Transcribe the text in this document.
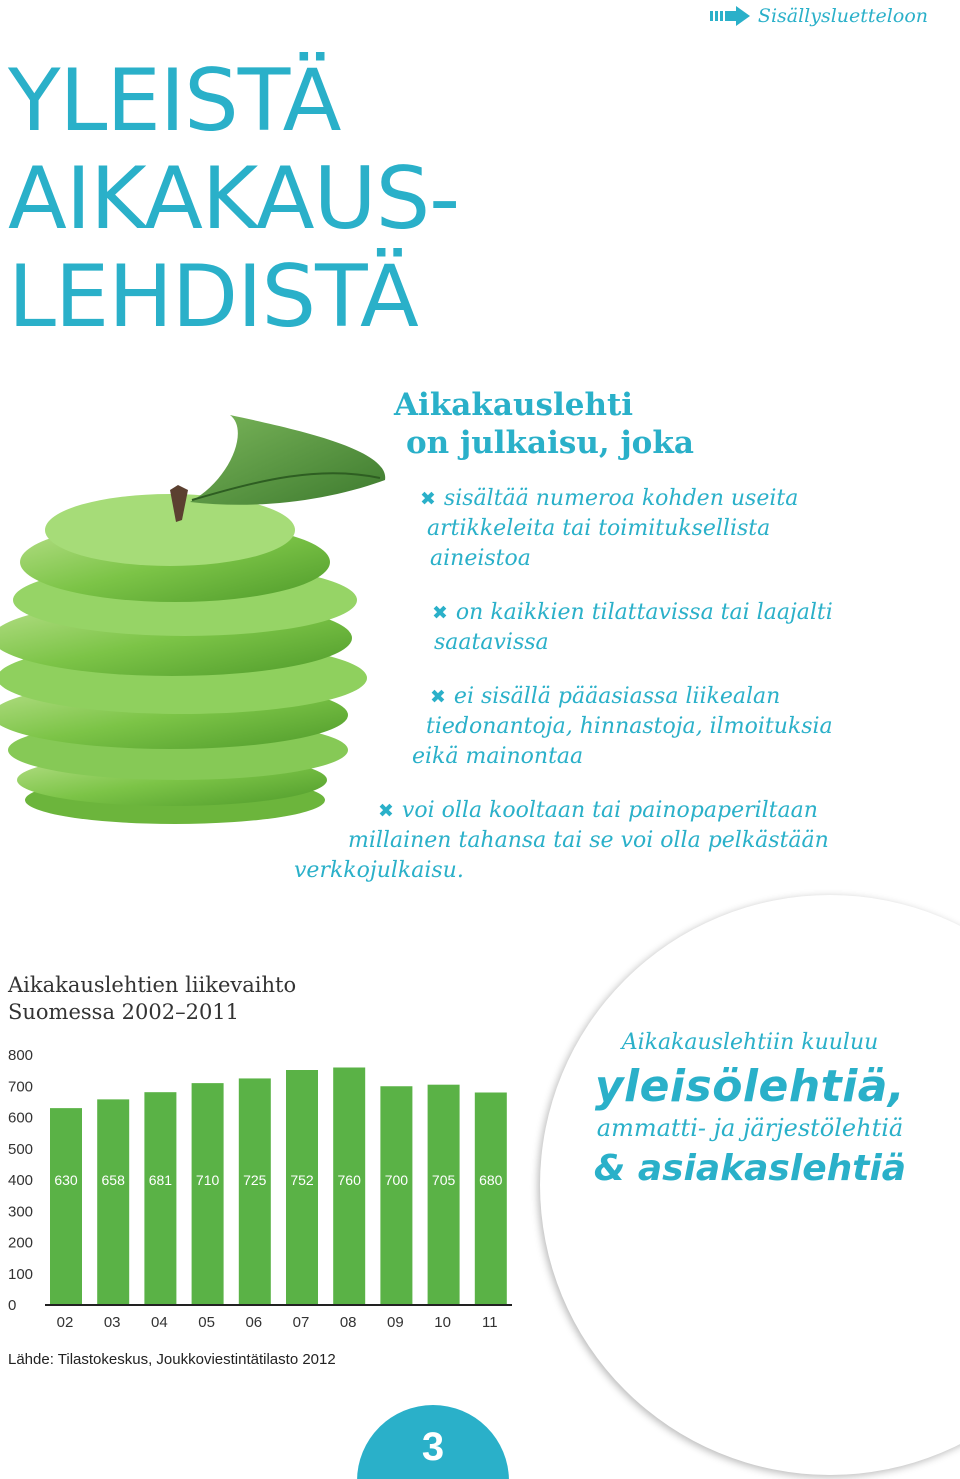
Sisällysluetteloon
YLEISTÄ
AIKAKAUS-
LEHDISTÄ
Aikakauslehti
on julkaisu, joka
✖ sisältää numeroa kohden useita
artikkeleita tai toimituksellista
aineistoa
✖ on kaikkien tilattavissa tai laajalti
saatavissa
✖ ei sisällä pääasiassa liikealan
tiedonantoja, hinnastoja, ilmoituksia
eikä mainontaa
✖ voi olla kooltaan tai painopaperiltaan
millainen tahansa tai se voi olla pelkästään
verkkojulkaisu.
Aikakauslehtiin kuuluu
yleisölehtiä,
ammatti- ja järjestölehtiä
& asiakaslehtiä
Aikakauslehtien liikevaihto
Suomessa 2002–2011
0
100
200
300
400
500
600
700
800
630
02
658
03
681
04
710
05
725
06
752
07
760
08
700
09
705
10
680
11
Lähde: Tilastokeskus, Joukkoviestintätilasto 2012
3
